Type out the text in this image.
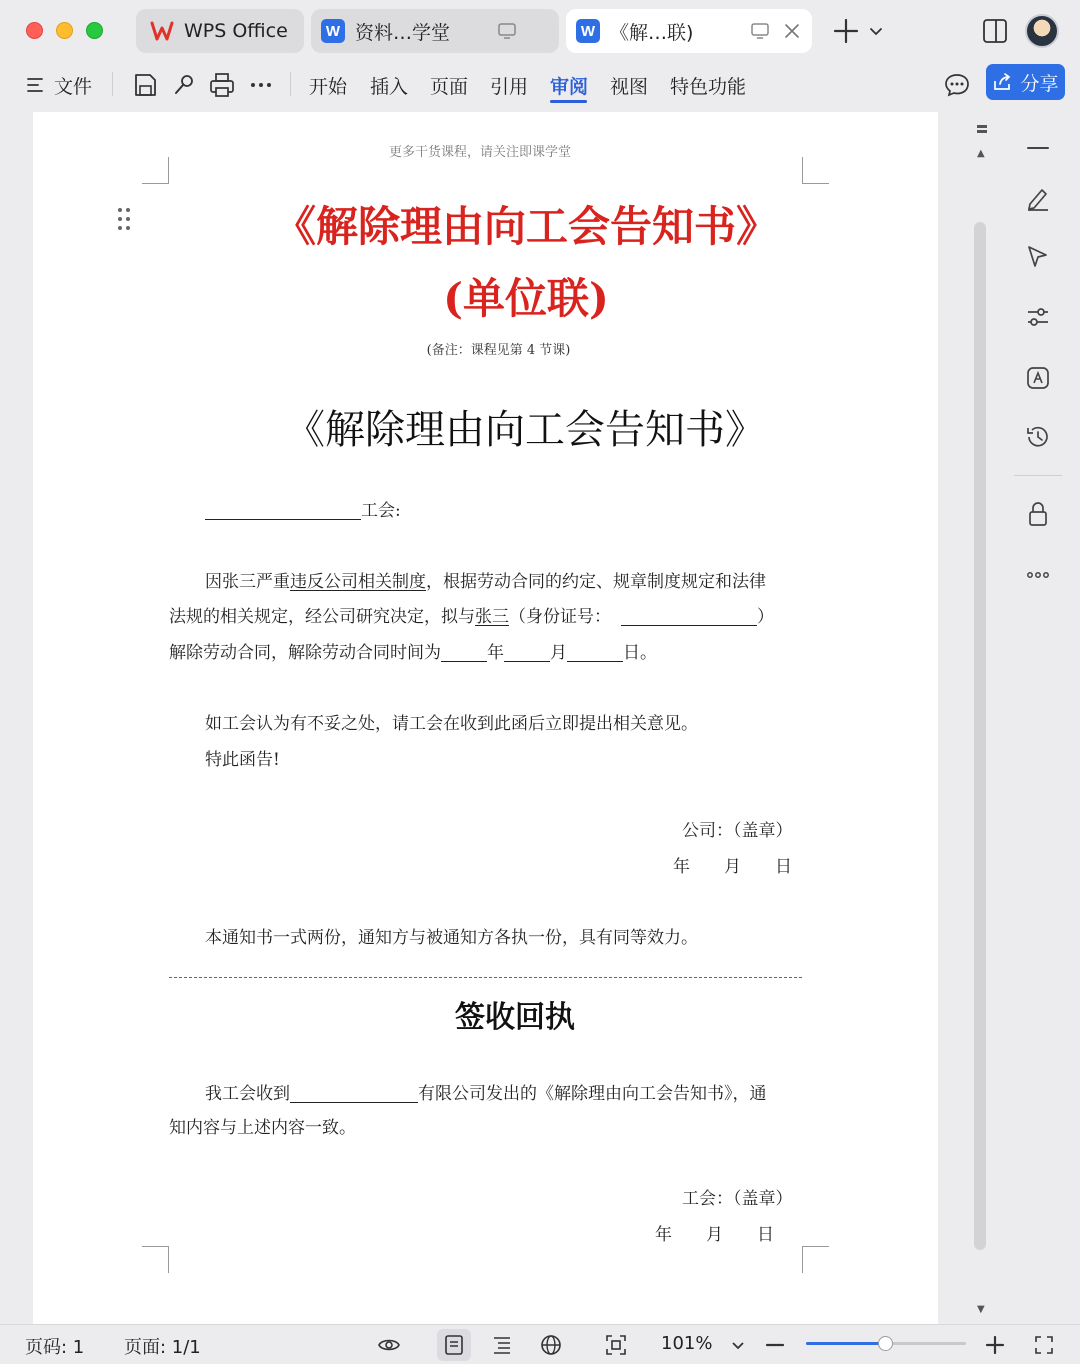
WPS Office	W 资料…学堂	W 《解…联)
文件	开始 插入 页面 引用 审阅 视图 特色功能	分享
更多干货课程，请关注即课学堂
《解除理由向工会告知书》
(单位联)
(备注：课程见第 4 节课)
《解除理由向工会告知书》
工会:
因张三严重违反公司相关制度，根据劳动合同的约定、规章制度规定和法律
法规的相关规定，经公司研究决定，拟与张三（身份证号：	）
解除劳动合同，解除劳动合同时间为	年	月	日。
如工会认为有不妥之处，请工会在收到此函后立即提出相关意见。
特此函告!
公司：（盖章）
年　　月　　日
本通知书一式两份，通知方与被通知方各执一份，具有同等效力。
签收回执
我工会收到	有限公司发出的《解除理由向工会告知书》，通
知内容与上述内容一致。
工会：（盖章）
年　　月　　日
▲
▼
页码: 1 页面: 1/1	101%
